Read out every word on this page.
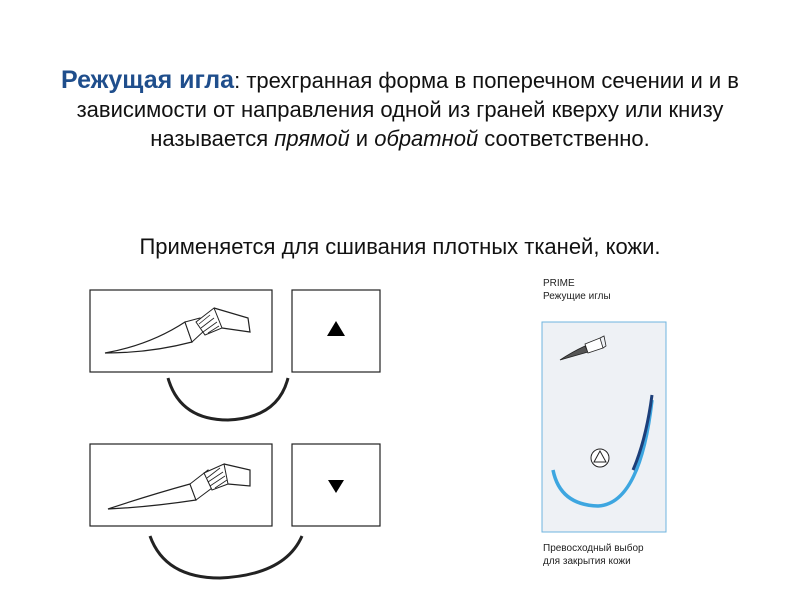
Режущая игла: трехгранная форма в поперечном сечении и и в зависимости от направления одной из граней кверху или книзу называется прямой и обратной соответственно.

Применяется для сшивания плотных тканей, кожи.

PRIME
Режущие иглы
Превосходный выбор
для закрытия кожи
